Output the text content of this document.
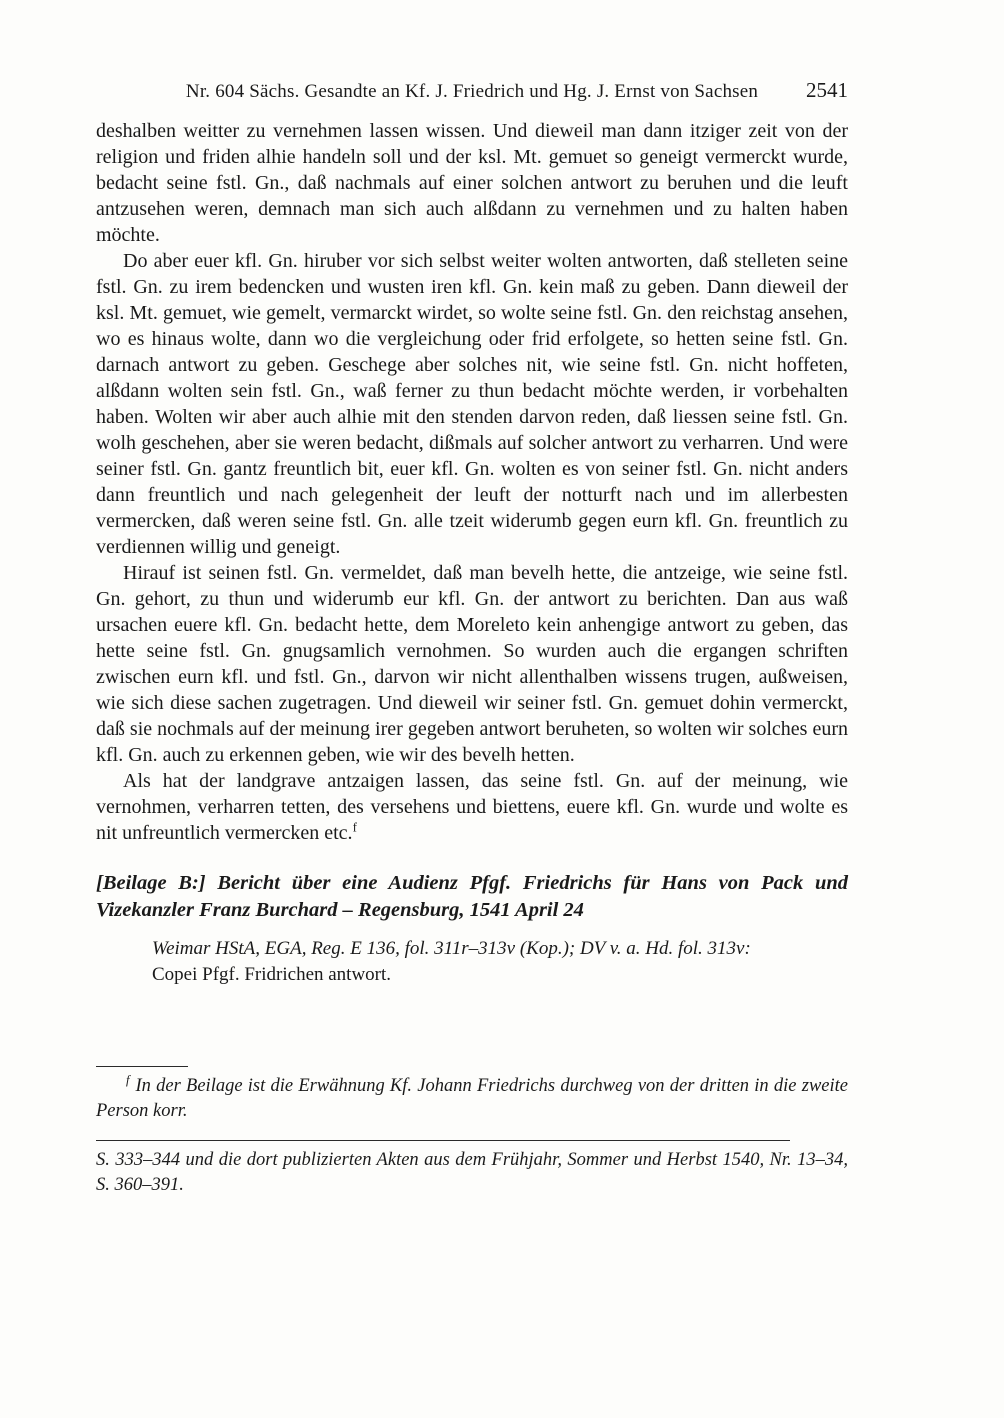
Nr. 604 Sächs. Gesandte an Kf. J. Friedrich und Hg. J. Ernst von Sachsen	2541

deshalben weitter zu vernehmen lassen wissen. Und dieweil man dann itziger zeit von der religion und friden alhie handeln soll und der ksl. Mt. gemuet so geneigt vermerckt wurde, bedacht seine fstl. Gn., daß nachmals auf einer solchen antwort zu beruhen und die leuft antzusehen weren, demnach man sich auch alßdann zu vernehmen und zu halten haben möchte.

Do aber euer kfl. Gn. hiruber vor sich selbst weiter wolten antworten, daß stelleten seine fstl. Gn. zu irem bedencken und wusten iren kfl. Gn. kein maß zu geben. Dann dieweil der ksl. Mt. gemuet, wie gemelt, vermarckt wirdet, so wolte seine fstl. Gn. den reichstag ansehen, wo es hinaus wolte, dann wo die vergleichung oder frid erfolgete, so hetten seine fstl. Gn. darnach antwort zu geben. Geschege aber solches nit, wie seine fstl. Gn. nicht hoffeten, alßdann wolten sein fstl. Gn., waß ferner zu thun bedacht möchte werden, ir vorbehalten haben. Wolten wir aber auch alhie mit den stenden darvon reden, daß liessen seine fstl. Gn. wolh geschehen, aber sie weren bedacht, dißmals auf solcher antwort zu verharren. Und were seiner fstl. Gn. gantz freuntlich bit, euer kfl. Gn. wolten es von seiner fstl. Gn. nicht anders dann freuntlich und nach gelegenheit der leuft der notturft nach und im allerbesten vermercken, daß weren seine fstl. Gn. alle tzeit widerumb gegen eurn kfl. Gn. freuntlich zu verdiennen willig und geneigt.

Hirauf ist seinen fstl. Gn. vermeldet, daß man bevelh hette, die antzeige, wie seine fstl. Gn. gehort, zu thun und widerumb eur kfl. Gn. der antwort zu berichten. Dan aus waß ursachen euere kfl. Gn. bedacht hette, dem Moreleto kein anhengige antwort zu geben, das hette seine fstl. Gn. gnugsamlich vernohmen. So wurden auch die ergangen schriften zwischen eurn kfl. und fstl. Gn., darvon wir nicht allenthalben wissens trugen, außweisen, wie sich diese sachen zugetragen. Und dieweil wir seiner fstl. Gn. gemuet dohin vermerckt, daß sie nochmals auf der meinung irer gegeben antwort beruheten, so wolten wir solches eurn kfl. Gn. auch zu erkennen geben, wie wir des bevelh hetten.

Als hat der landgrave antzaigen lassen, das seine fstl. Gn. auf der meinung, wie vernohmen, verharren tetten, des versehens und biettens, euere kfl. Gn. wurde und wolte es nit unfreuntlich vermercken etc.$^f$

[Beilage B:] Bericht über eine Audienz Pfgf. Friedrichs für Hans von Pack und Vizekanzler Franz Burchard – Regensburg, 1541 April 24

Weimar HStA, EGA, Reg. E 136, fol. 311r–313v (Kop.); DV v. a. Hd. fol. 313v:

Copei Pfgf. Fridrichen antwort.

$^f$ In der Beilage ist die Erwähnung Kf. Johann Friedrichs durchweg von der dritten in die zweite Person korr.

S. 333–344 und die dort publizierten Akten aus dem Frühjahr, Sommer und Herbst 1540, Nr. 13–34, S. 360–391.
